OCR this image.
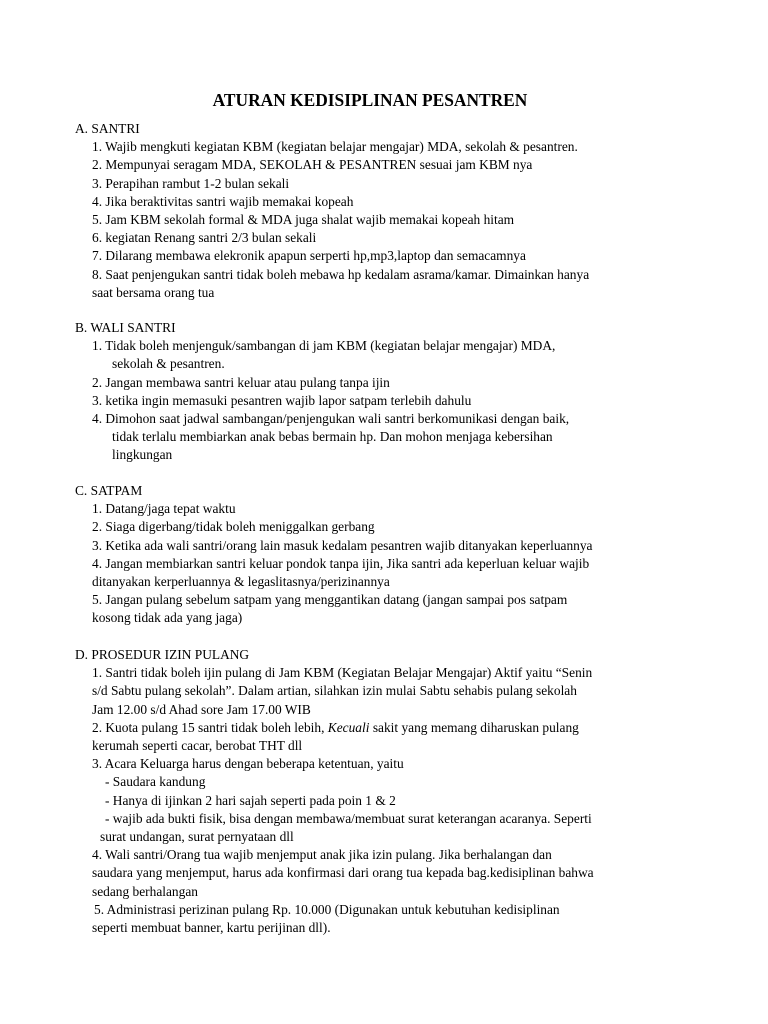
ATURAN KEDISIPLINAN PESANTREN
A. SANTRI
1. Wajib mengkuti kegiatan KBM (kegiatan belajar mengajar) MDA, sekolah & pesantren.
2. Mempunyai seragam MDA, SEKOLAH & PESANTREN sesuai jam KBM nya
3. Perapihan rambut 1-2 bulan sekali
4. Jika beraktivitas santri wajib memakai kopeah
5. Jam KBM sekolah formal & MDA juga shalat wajib memakai kopeah hitam
6. kegiatan Renang santri 2/3 bulan sekali
7. Dilarang membawa elekronik apapun serperti hp,mp3,laptop dan semacamnya
8. Saat penjengukan santri tidak boleh mebawa hp kedalam asrama/kamar. Dimainkan hanya
saat bersama orang tua
B. WALI SANTRI
1. Tidak boleh menjenguk/sambangan di jam KBM (kegiatan belajar mengajar) MDA,
sekolah & pesantren.
2. Jangan membawa santri keluar atau pulang tanpa ijin
3. ketika ingin memasuki pesantren wajib lapor satpam terlebih dahulu
4. Dimohon saat jadwal sambangan/penjengukan wali santri berkomunikasi dengan baik,
tidak terlalu membiarkan anak bebas bermain hp. Dan mohon menjaga kebersihan
lingkungan
C. SATPAM
1. Datang/jaga tepat waktu
2. Siaga digerbang/tidak boleh meniggalkan gerbang
3. Ketika ada wali santri/orang lain masuk kedalam pesantren wajib ditanyakan keperluannya
4. Jangan membiarkan santri keluar pondok tanpa ijin, Jika santri ada keperluan keluar wajib
ditanyakan kerperluannya & legaslitasnya/perizinannya
5. Jangan pulang sebelum satpam yang menggantikan datang (jangan sampai pos satpam
kosong tidak ada yang jaga)
D. PROSEDUR IZIN PULANG
1. Santri tidak boleh ijin pulang di Jam KBM (Kegiatan Belajar Mengajar) Aktif yaitu “Senin
s/d Sabtu pulang sekolah”. Dalam artian, silahkan izin mulai Sabtu sehabis pulang sekolah
Jam 12.00 s/d Ahad sore Jam 17.00 WIB
2. Kuota pulang 15 santri tidak boleh lebih, Kecuali sakit yang memang diharuskan pulang
kerumah seperti cacar, berobat THT dll
3. Acara Keluarga harus dengan beberapa ketentuan, yaitu
- Saudara kandung
- Hanya di ijinkan 2 hari sajah seperti pada poin 1 & 2
- wajib ada bukti fisik, bisa dengan membawa/membuat surat keterangan acaranya. Seperti
surat undangan, surat pernyataan dll
4. Wali santri/Orang tua wajib menjemput anak jika izin pulang. Jika berhalangan dan
saudara yang menjemput, harus ada konfirmasi dari orang tua kepada bag.kedisiplinan bahwa
sedang berhalangan
5. Administrasi perizinan pulang Rp. 10.000 (Digunakan untuk kebutuhan kedisiplinan
seperti membuat banner, kartu perijinan dll).
